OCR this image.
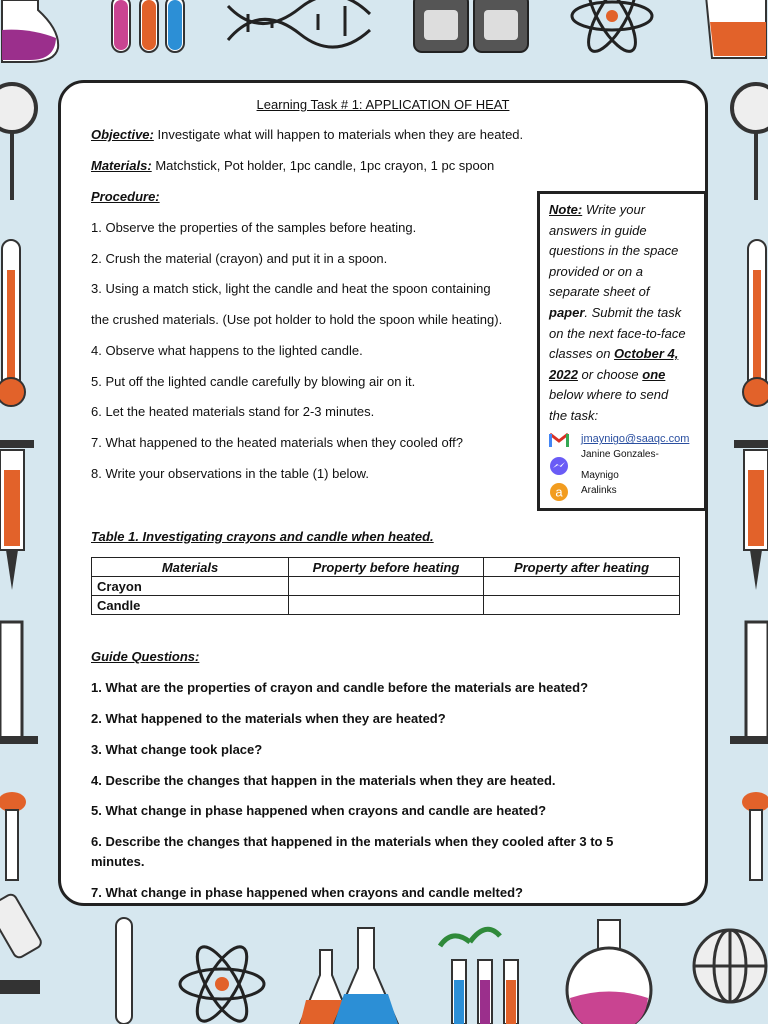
Learning Task # 1: APPLICATION OF HEAT
Objective: Investigate what will happen to materials when they are heated.
Materials: Matchstick, Pot holder, 1pc candle, 1pc crayon, 1 pc spoon
Procedure:
1. Observe the properties of the samples before heating.
2. Crush the material (crayon) and put it in a spoon.
3. Using a match stick, light the candle and heat the spoon containing
the crushed materials. (Use pot holder to hold the spoon while heating).
4. Observe what happens to the lighted candle.
5. Put off the lighted candle carefully by blowing air on it.
6. Let the heated materials stand for 2-3 minutes.
7. What happened to the heated materials when they cooled off?
8. Write your observations in the table (1) below.
Note: Write your
answers in guide
questions in the space
provided or on a
separate sheet of
paper. Submit the task
on the next face-to-face
classes on October 4,
2022 or choose one
below where to send
the task:
jmaynigo@saaqc.com
Janine Gonzales-Maynigo
a Aralinks
Table 1. Investigating crayons and candle when heated.
Materials	Property before heating	Property after heating
Crayon		
Candle		
Guide Questions:
1. What are the properties of crayon and candle before the materials are heated?
2. What happened to the materials when they are heated?
3. What change took place?
4. Describe the changes that happen in the materials when they are heated.
5. What change in phase happened when crayons and candle are heated?
6. Describe the changes that happened in the materials when they cooled after 3 to 5
minutes.
7. What change in phase happened when crayons and candle melted?
